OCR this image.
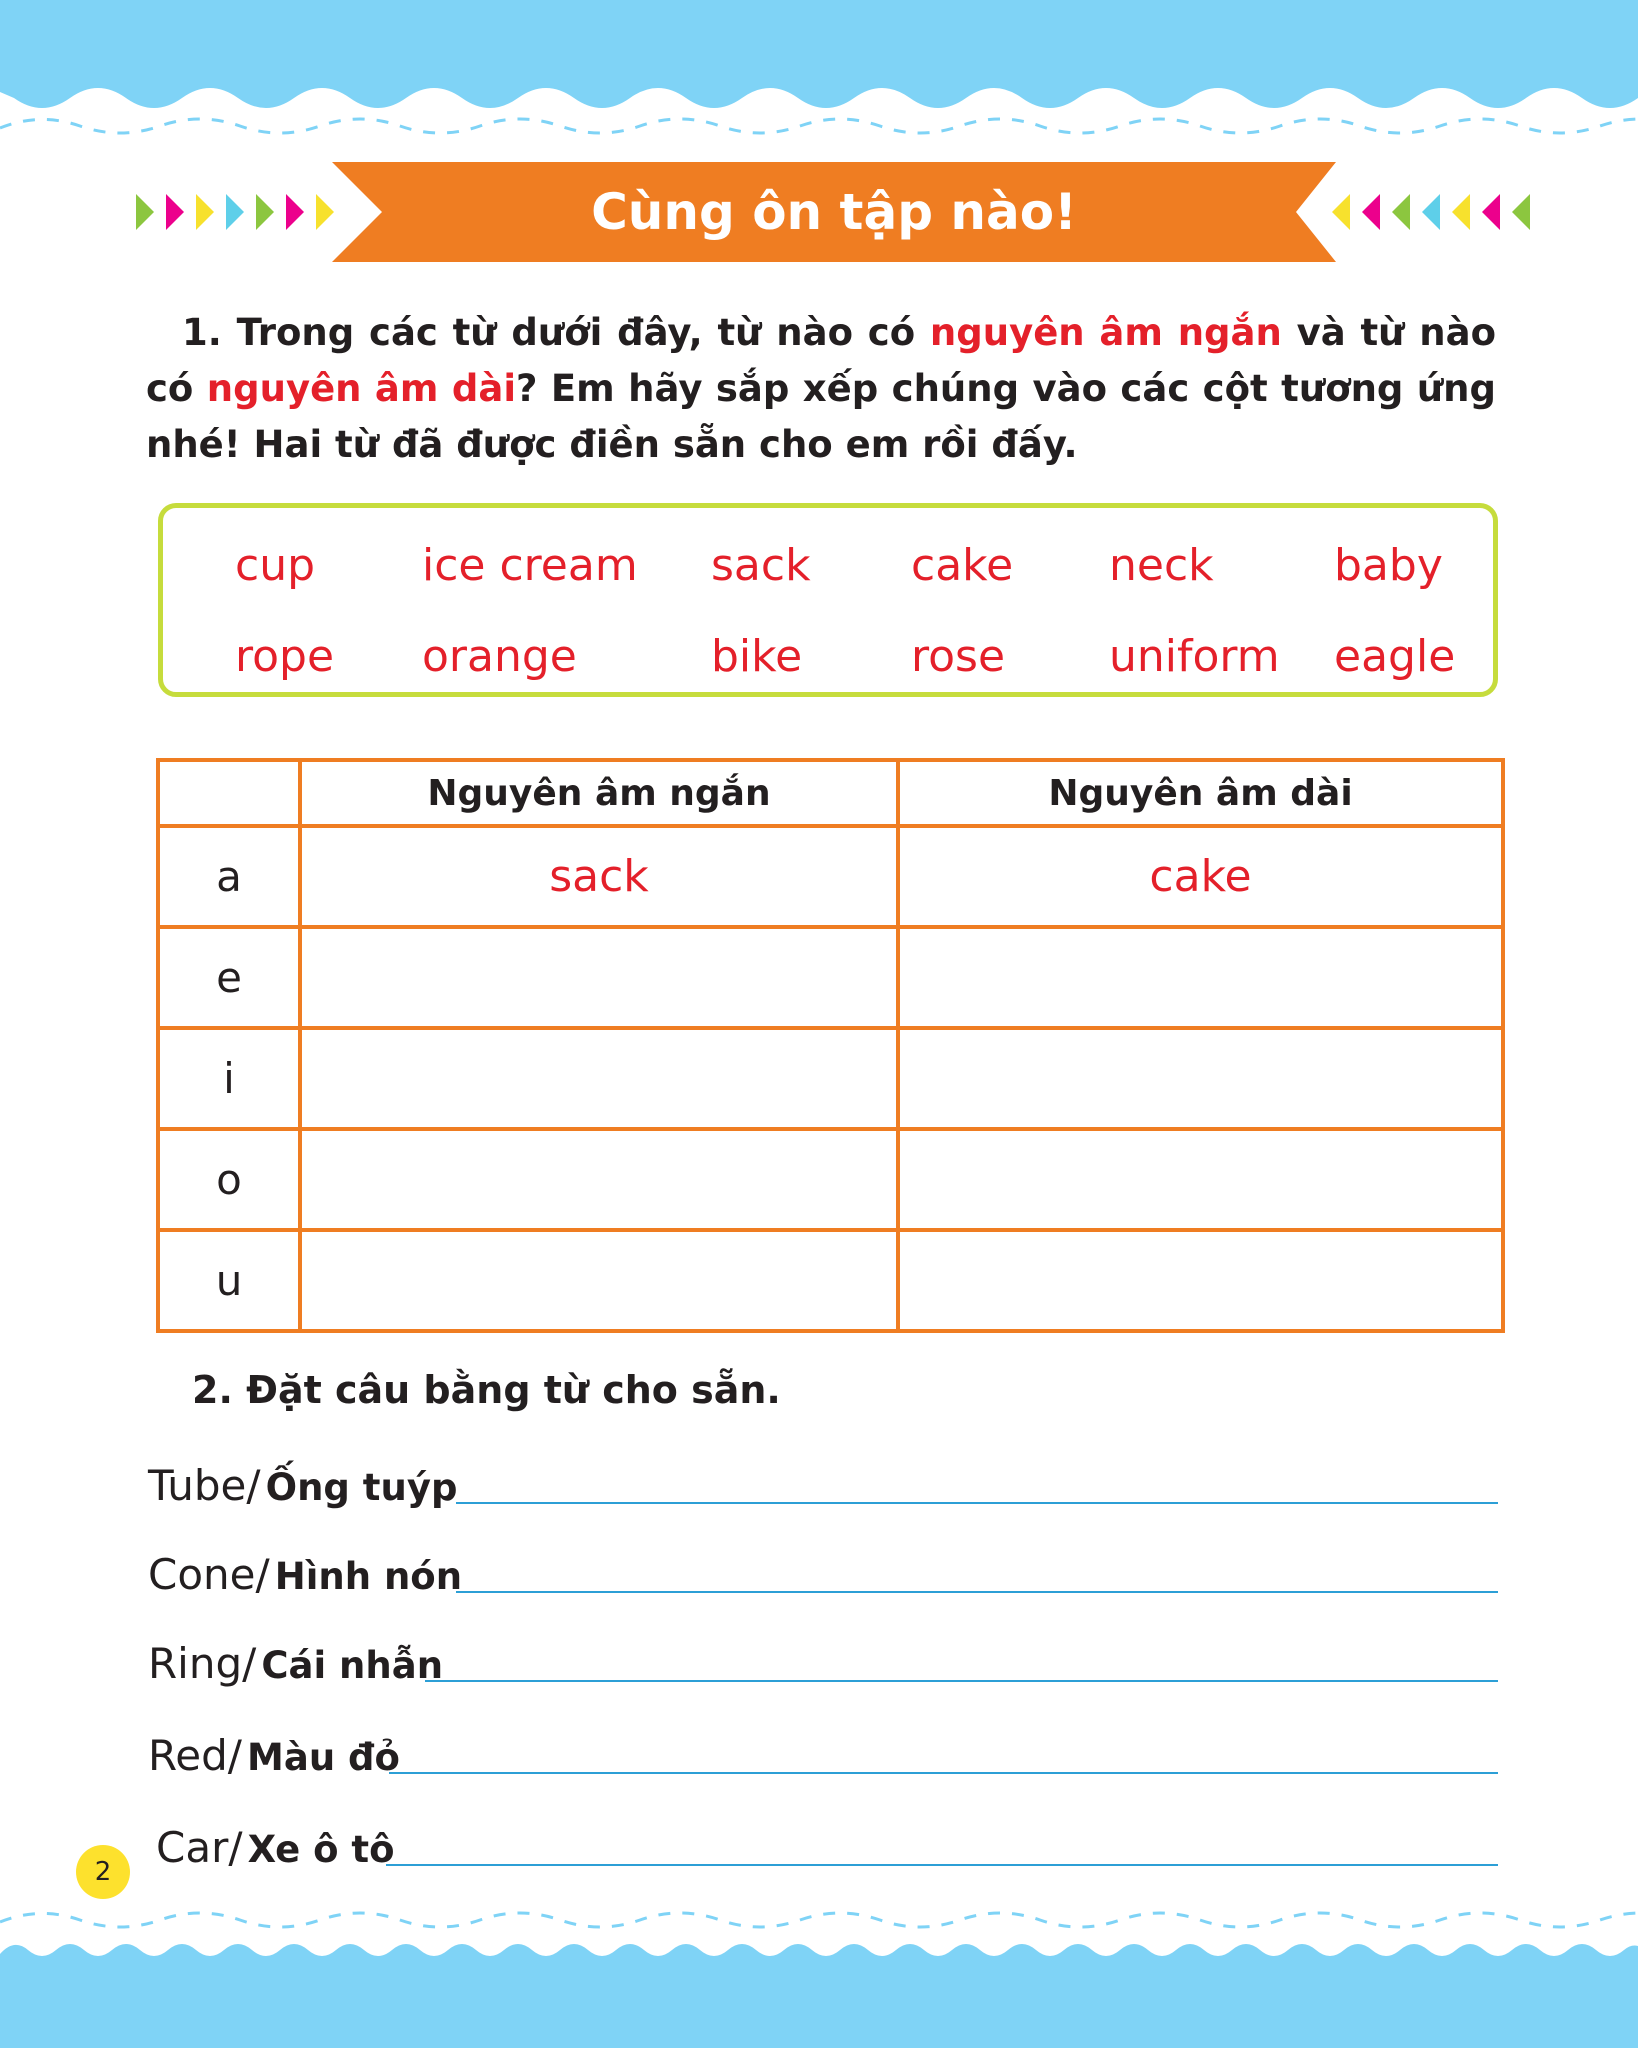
Cùng ôn tập nào!
1. Trong các từ dưới đây, từ nào có nguyên âm ngắn và từ nào có nguyên âm dài? Em hãy sắp xếp chúng vào các cột tương ứng nhé! Hai từ đã được điền sẵn cho em rồi đấy.
cup ice cream sack cake neck	baby
rope orange	bike rose uniform eagle
	Nguyên âm ngắn	Nguyên âm dài
a	sack	cake
e		
i		
o		
u		
2. Đặt câu bằng từ cho sẵn.
Tube/ Ống tuýp
Cone/ Hình nón
Ring/ Cái nhẫn
Red/ Màu đỏ
Car/ Xe ô tô
2
